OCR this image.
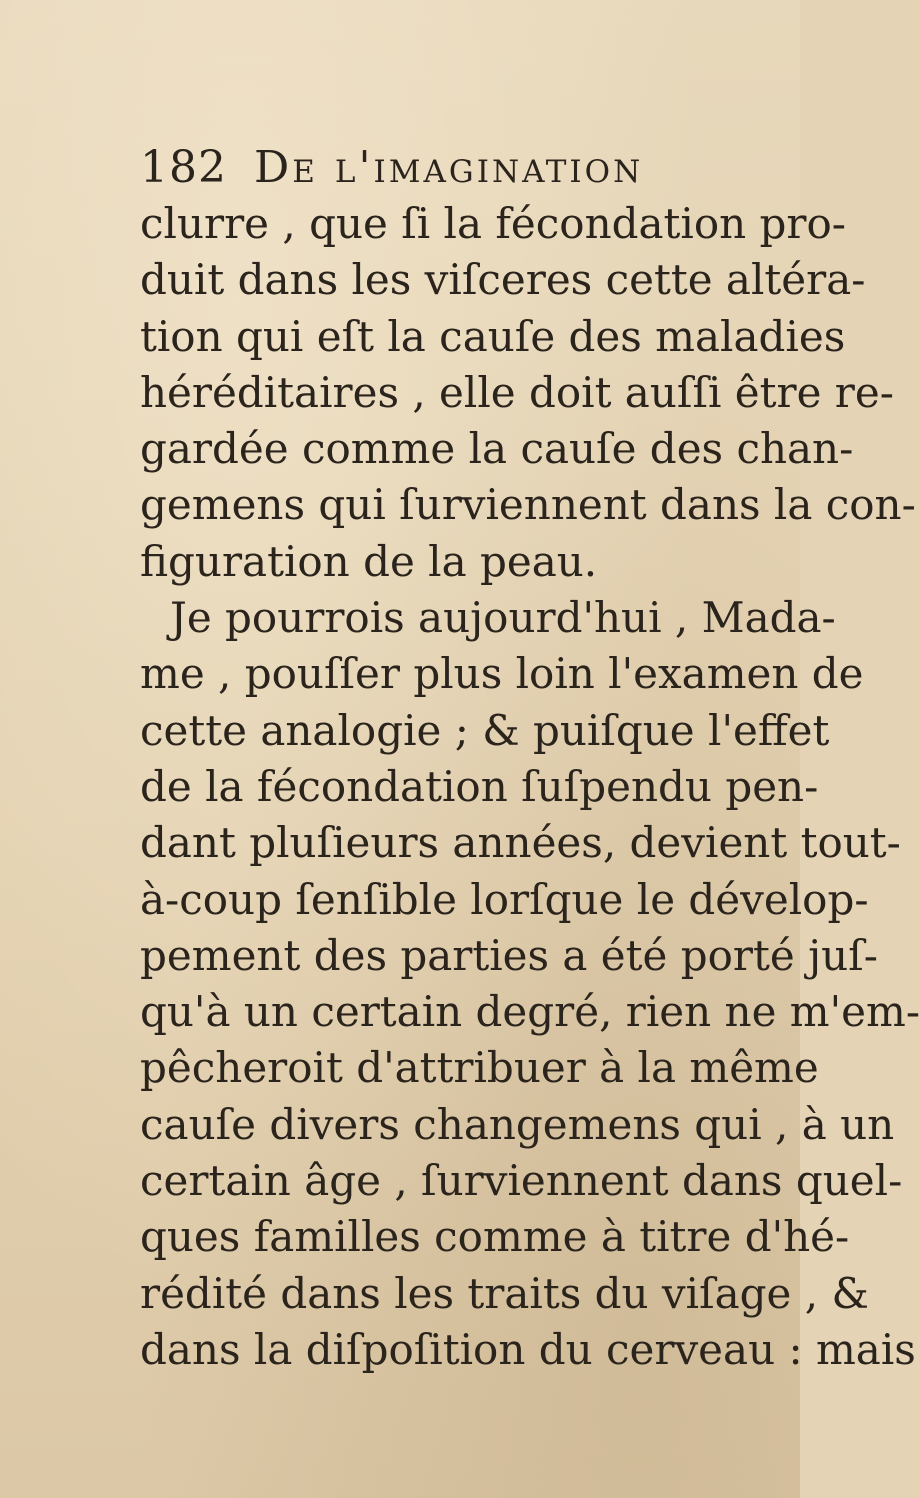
182 De l'imagination
clurre , que ſi la fécondation pro-
duit dans les viſceres cette altéra-
tion qui eſt la cauſe des maladies
héréditaires , elle doit auſſi être re-
gardée comme la cauſe des chan-
gemens qui ſurviennent dans la con-
figuration de la peau.
Je pourrois aujourd'hui , Mada-
me , pouſſer plus loin l'examen de
cette analogie ; & puiſque l'effet
de la fécondation ſuſpendu pen-
dant pluſieurs années, devient tout-
à-coup ſenſible lorſque le dévelop-
pement des parties a été porté juſ-
qu'à un certain degré, rien ne m'em-
pêcheroit d'attribuer à la même
cauſe divers changemens qui , à un
certain âge , ſurviennent dans quel-
ques familles comme à titre d'hé-
rédité dans les traits du viſage , &
dans la diſpoſition du cerveau : mais
